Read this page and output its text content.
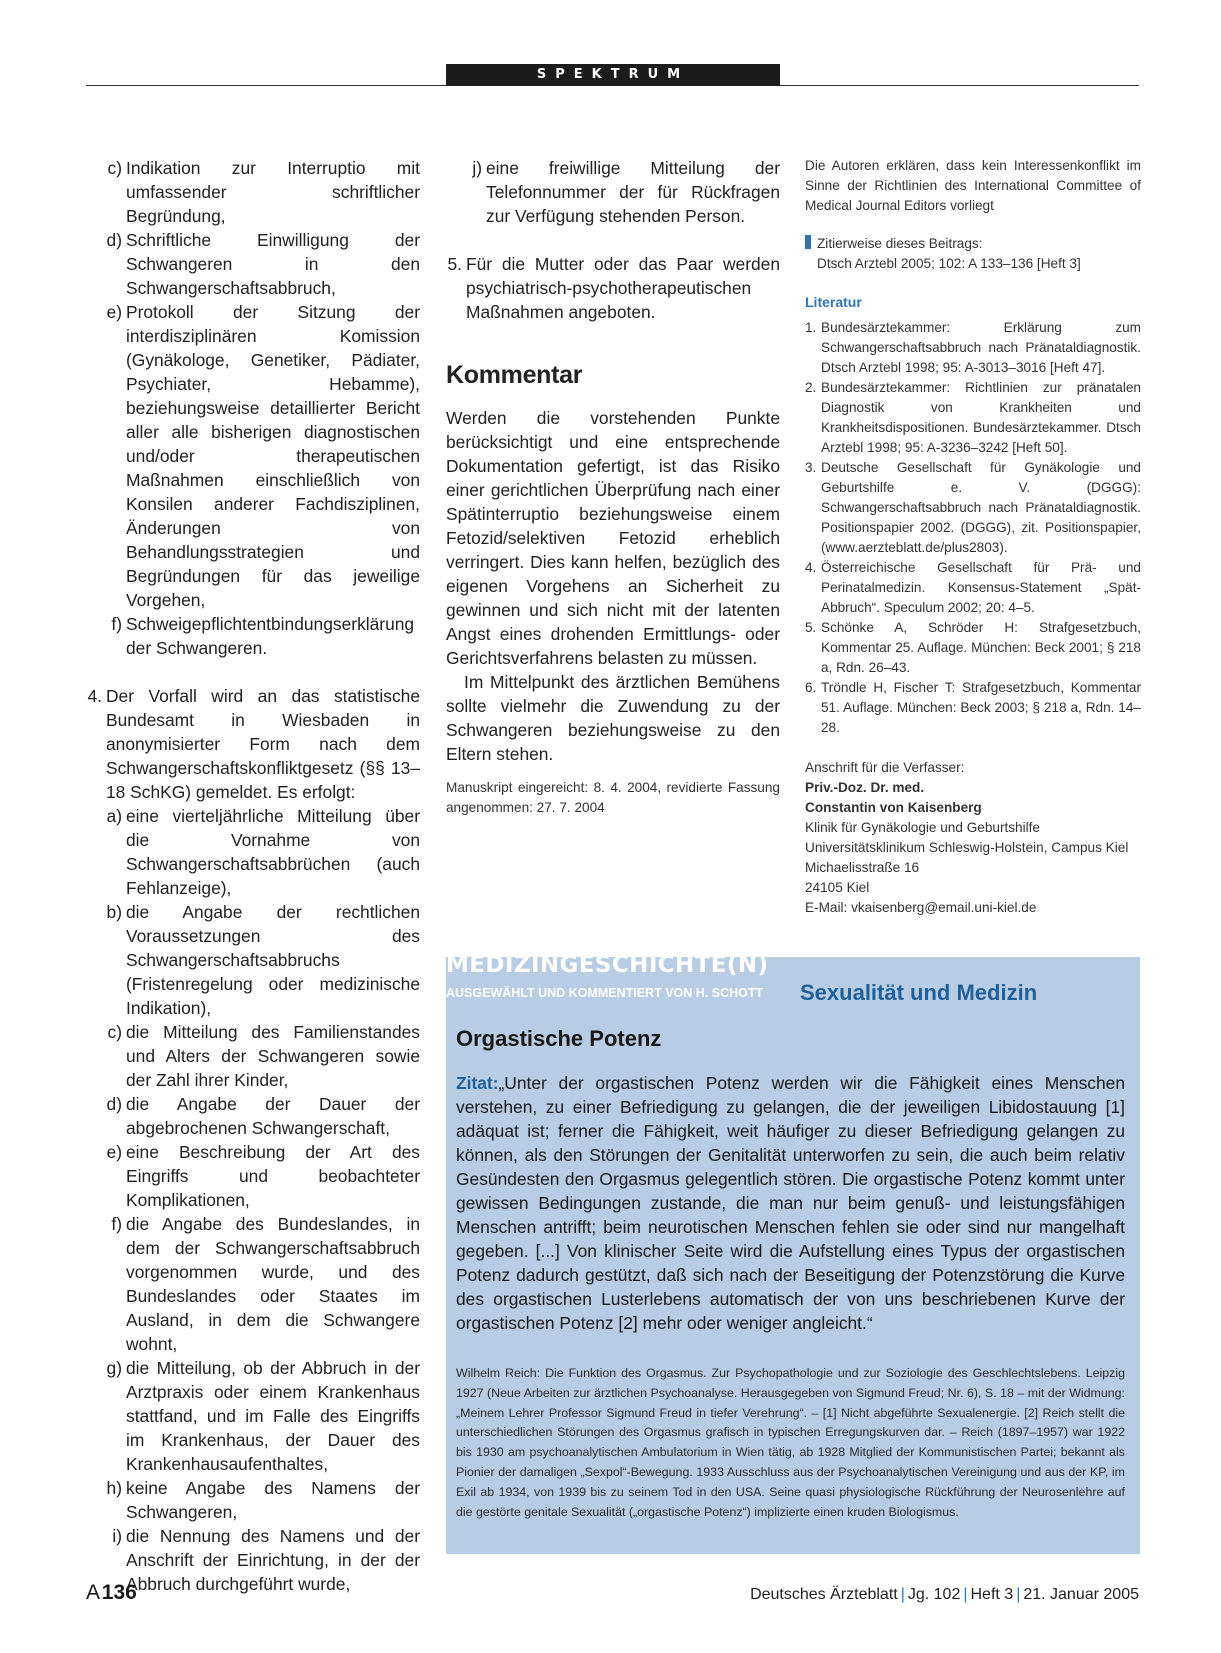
SPEKTRUM
c) Indikation zur Interruptio mit umfassender schriftlicher Begründung,
d) Schriftliche Einwilligung der Schwangeren in den Schwangerschaftsabbruch,
e) Protokoll der Sitzung der interdisziplinären Komission (Gynäkologe, Genetiker, Pädiater, Psychiater, Hebamme), beziehungsweise detaillierter Bericht aller alle bisherigen diagnostischen und/oder therapeutischen Maßnahmen einschließlich von Konsilen anderer Fachdisziplinen, Änderungen von Behandlungsstrategien und Begründungen für das jeweilige Vorgehen,
f) Schweigepflichtentbindungserklärung der Schwangeren.
4. Der Vorfall wird an das statistische Bundesamt in Wiesbaden in anonymisierter Form nach dem Schwangerschaftskonfliktgesetz (§§ 13–18 SchKG) gemeldet. Es erfolgt:
a) eine vierteljährliche Mitteilung über die Vornahme von Schwangerschaftsabbrüchen (auch Fehlanzeige),
b) die Angabe der rechtlichen Voraussetzungen des Schwangerschaftsabbruchs (Fristenregelung oder medizinische Indikation),
c) die Mitteilung des Familienstandes und Alters der Schwangeren sowie der Zahl ihrer Kinder,
d) die Angabe der Dauer der abgebrochenen Schwangerschaft,
e) eine Beschreibung der Art des Eingriffs und beobachteter Komplikationen,
f) die Angabe des Bundeslandes, in dem der Schwangerschaftsabbruch vorgenommen wurde, und des Bundeslandes oder Staates im Ausland, in dem die Schwangere wohnt,
g) die Mitteilung, ob der Abbruch in der Arztpraxis oder einem Krankenhaus stattfand, und im Falle des Eingriffs im Krankenhaus, der Dauer des Krankenhausaufenthaltes,
h) keine Angabe des Namens der Schwangeren,
i) die Nennung des Namens und der Anschrift der Einrichtung, in der der Abbruch durchgeführt wurde,
j) eine freiwillige Mitteilung der Telefonnummer der für Rückfragen zur Verfügung stehenden Person.
5. Für die Mutter oder das Paar werden psychiatrisch-psychotherapeutischen Maßnahmen angeboten.
Kommentar

Werden die vorstehenden Punkte berücksichtigt und eine entsprechende Dokumentation gefertigt, ist das Risiko einer gerichtlichen Überprüfung nach einer Spätinterruptio beziehungsweise einem Fetozid/selektiven Fetozid erheblich verringert. Dies kann helfen, bezüglich des eigenen Vorgehens an Sicherheit zu gewinnen und sich nicht mit der latenten Angst eines drohenden Ermittlungs- oder Gerichtsverfahrens belasten zu müssen.

Im Mittelpunkt des ärztlichen Bemühens sollte vielmehr die Zuwendung zu der Schwangeren beziehungsweise zu den Eltern stehen.

Manuskript eingereicht: 8. 4. 2004, revidierte Fassung angenommen: 27. 7. 2004

Die Autoren erklären, dass kein Interessenkonflikt im Sinne der Richtlinien des International Committee of Medical Journal Editors vorliegt

Zitierweise dieses Beitrags:
Dtsch Arztebl 2005; 102: A 133–136 [Heft 3]
Literatur
1. Bundesärztekammer: Erklärung zum Schwangerschaftsabbruch nach Pränataldiagnostik. Dtsch Arztebl 1998; 95: A-3013–3016 [Heft 47].
2. Bundesärztekammer: Richtlinien zur pränatalen Diagnostik von Krankheiten und Krankheitsdispositionen. Bundesärztekammer. Dtsch Arztebl 1998; 95: A-3236–3242 [Heft 50].
3. Deutsche Gesellschaft für Gynäkologie und Geburtshilfe e. V. (DGGG): Schwangerschaftsabbruch nach Pränataldiagnostik. Positionspapier 2002. (DGGG), zit. Positionspapier, (www.aerzteblatt.de/plus2803).
4. Österreichische Gesellschaft für Prä- und Perinatalmedizin. Konsensus-Statement „Spät-Abbruch“. Speculum 2002; 20: 4–5.
5. Schönke A, Schröder H: Strafgesetzbuch, Kommentar 25. Auflage. München: Beck 2001; § 218 a, Rdn. 26–43.
6. Tröndle H, Fischer T: Strafgesetzbuch, Kommentar 51. Auflage. München: Beck 2003; § 218 a, Rdn. 14–28.
Anschrift für die Verfasser:
Priv.-Doz. Dr. med.
Constantin von Kaisenberg
Klinik für Gynäkologie und Geburtshilfe
Universitätsklinikum Schleswig-Holstein, Campus Kiel
Michaelisstraße 16
24105 Kiel
E-Mail: vkaisenberg@email.uni-kiel.de
MEDIZINGESCHICHTE(N)
AUSGEWÄHLT UND KOMMENTIERT VON H. SCHOTT Sexualität und Medizin
Orgastische Potenz
Zitat:„Unter der orgastischen Potenz werden wir die Fähigkeit eines Menschen verstehen, zu einer Befriedigung zu gelangen, die der jeweiligen Libidostauung [1] adäquat ist; ferner die Fähigkeit, weit häufiger zu dieser Befriedigung gelangen zu können, als den Störungen der Genitalität unterworfen zu sein, die auch beim relativ Gesündesten den Orgasmus gelegentlich stören. Die orgastische Potenz kommt unter gewissen Bedingungen zustande, die man nur beim genuß- und leistungsfähigen Menschen antrifft; beim neurotischen Menschen fehlen sie oder sind nur mangelhaft gegeben. [...] Von klinischer Seite wird die Aufstellung eines Typus der orgastischen Potenz dadurch gestützt, daß sich nach der Beseitigung der Potenzstörung die Kurve des orgastischen Lusterlebens automatisch der von uns beschriebenen Kurve der orgastischen Potenz [2] mehr oder weniger angleicht.“
Wilhelm Reich: Die Funktion des Orgasmus. Zur Psychopathologie und zur Soziologie des Geschlechtslebens. Leipzig 1927 (Neue Arbeiten zur ärztlichen Psychoanalyse. Herausgegeben von Sigmund Freud; Nr. 6), S. 18 – mit der Widmung: „Meinem Lehrer Professor Sigmund Freud in tiefer Verehrung“. – [1] Nicht abgeführte Sexualenergie. [2] Reich stellt die unterschiedlichen Störungen des Orgasmus grafisch in typischen Erregungskurven dar. – Reich (1897–1957) war 1922 bis 1930 am psychoanalytischen Ambulatorium in Wien tätig, ab 1928 Mitglied der Kommunistischen Partei; bekannt als Pionier der damaligen „Sexpol“-Bewegung. 1933 Ausschluss aus der Psychoanalytischen Vereinigung und aus der KP, im Exil ab 1934, von 1939 bis zu seinem Tod in den USA. Seine quasi physiologische Rückführung der Neurosenlehre auf die gestörte genitale Sexualität („orgastische Potenz“) implizierte einen kruden Biologismus.
A 136	Deutsches Ärzteblatt | Jg. 102 | Heft 3 | 21. Januar 2005
